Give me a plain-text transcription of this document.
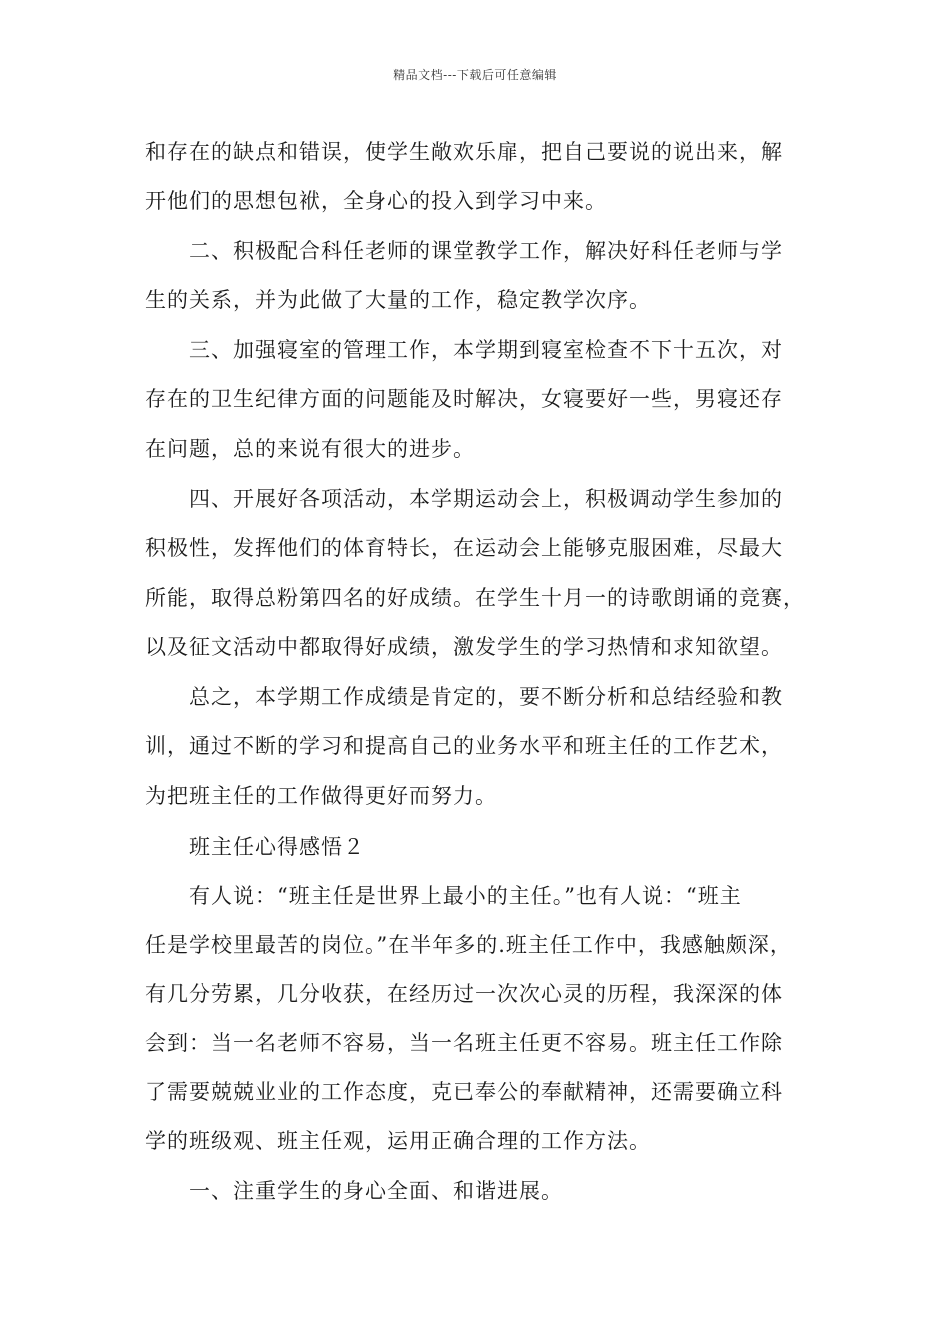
精品文档---下载后可任意编辑
和存在的缺点和错误，使学生敞欢乐扉，把自己要说的说出来，解
开他们的思想包袱，全身心的投入到学习中来。
　　二、积极配合科任老师的课堂教学工作，解决好科任老师与学
生的关系，并为此做了大量的工作，稳定教学次序。
　　三、加强寝室的管理工作，本学期到寝室检查不下十五次，对
存在的卫生纪律方面的问题能及时解决，女寝要好一些，男寝还存
在问题，总的来说有很大的进步。
　　四、开展好各项活动，本学期运动会上，积极调动学生参加的
积极性，发挥他们的体育特长，在运动会上能够克服困难，尽最大
所能，取得总粉第四名的好成绩。在学生十月一的诗歌朗诵的竞赛，
以及征文活动中都取得好成绩，激发学生的学习热情和求知欲望。
　　总之，本学期工作成绩是肯定的，要不断分析和总结经验和教
训，通过不断的学习和提高自己的业务水平和班主任的工作艺术，
为把班主任的工作做得更好而努力。
　　班主任心得感悟２
　　有人说：“班主任是世界上最小的主任。”也有人说：“班主
任是学校里最苦的岗位。”在半年多的.班主任工作中，我感触颇深，
有几分劳累，几分收获，在经历过一次次心灵的历程，我深深的体
会到：当一名老师不容易，当一名班主任更不容易。班主任工作除
了需要兢兢业业的工作态度，克已奉公的奉献精神，还需要确立科
学的班级观、班主任观，运用正确合理的工作方法。
　　一、注重学生的身心全面、和谐进展。
